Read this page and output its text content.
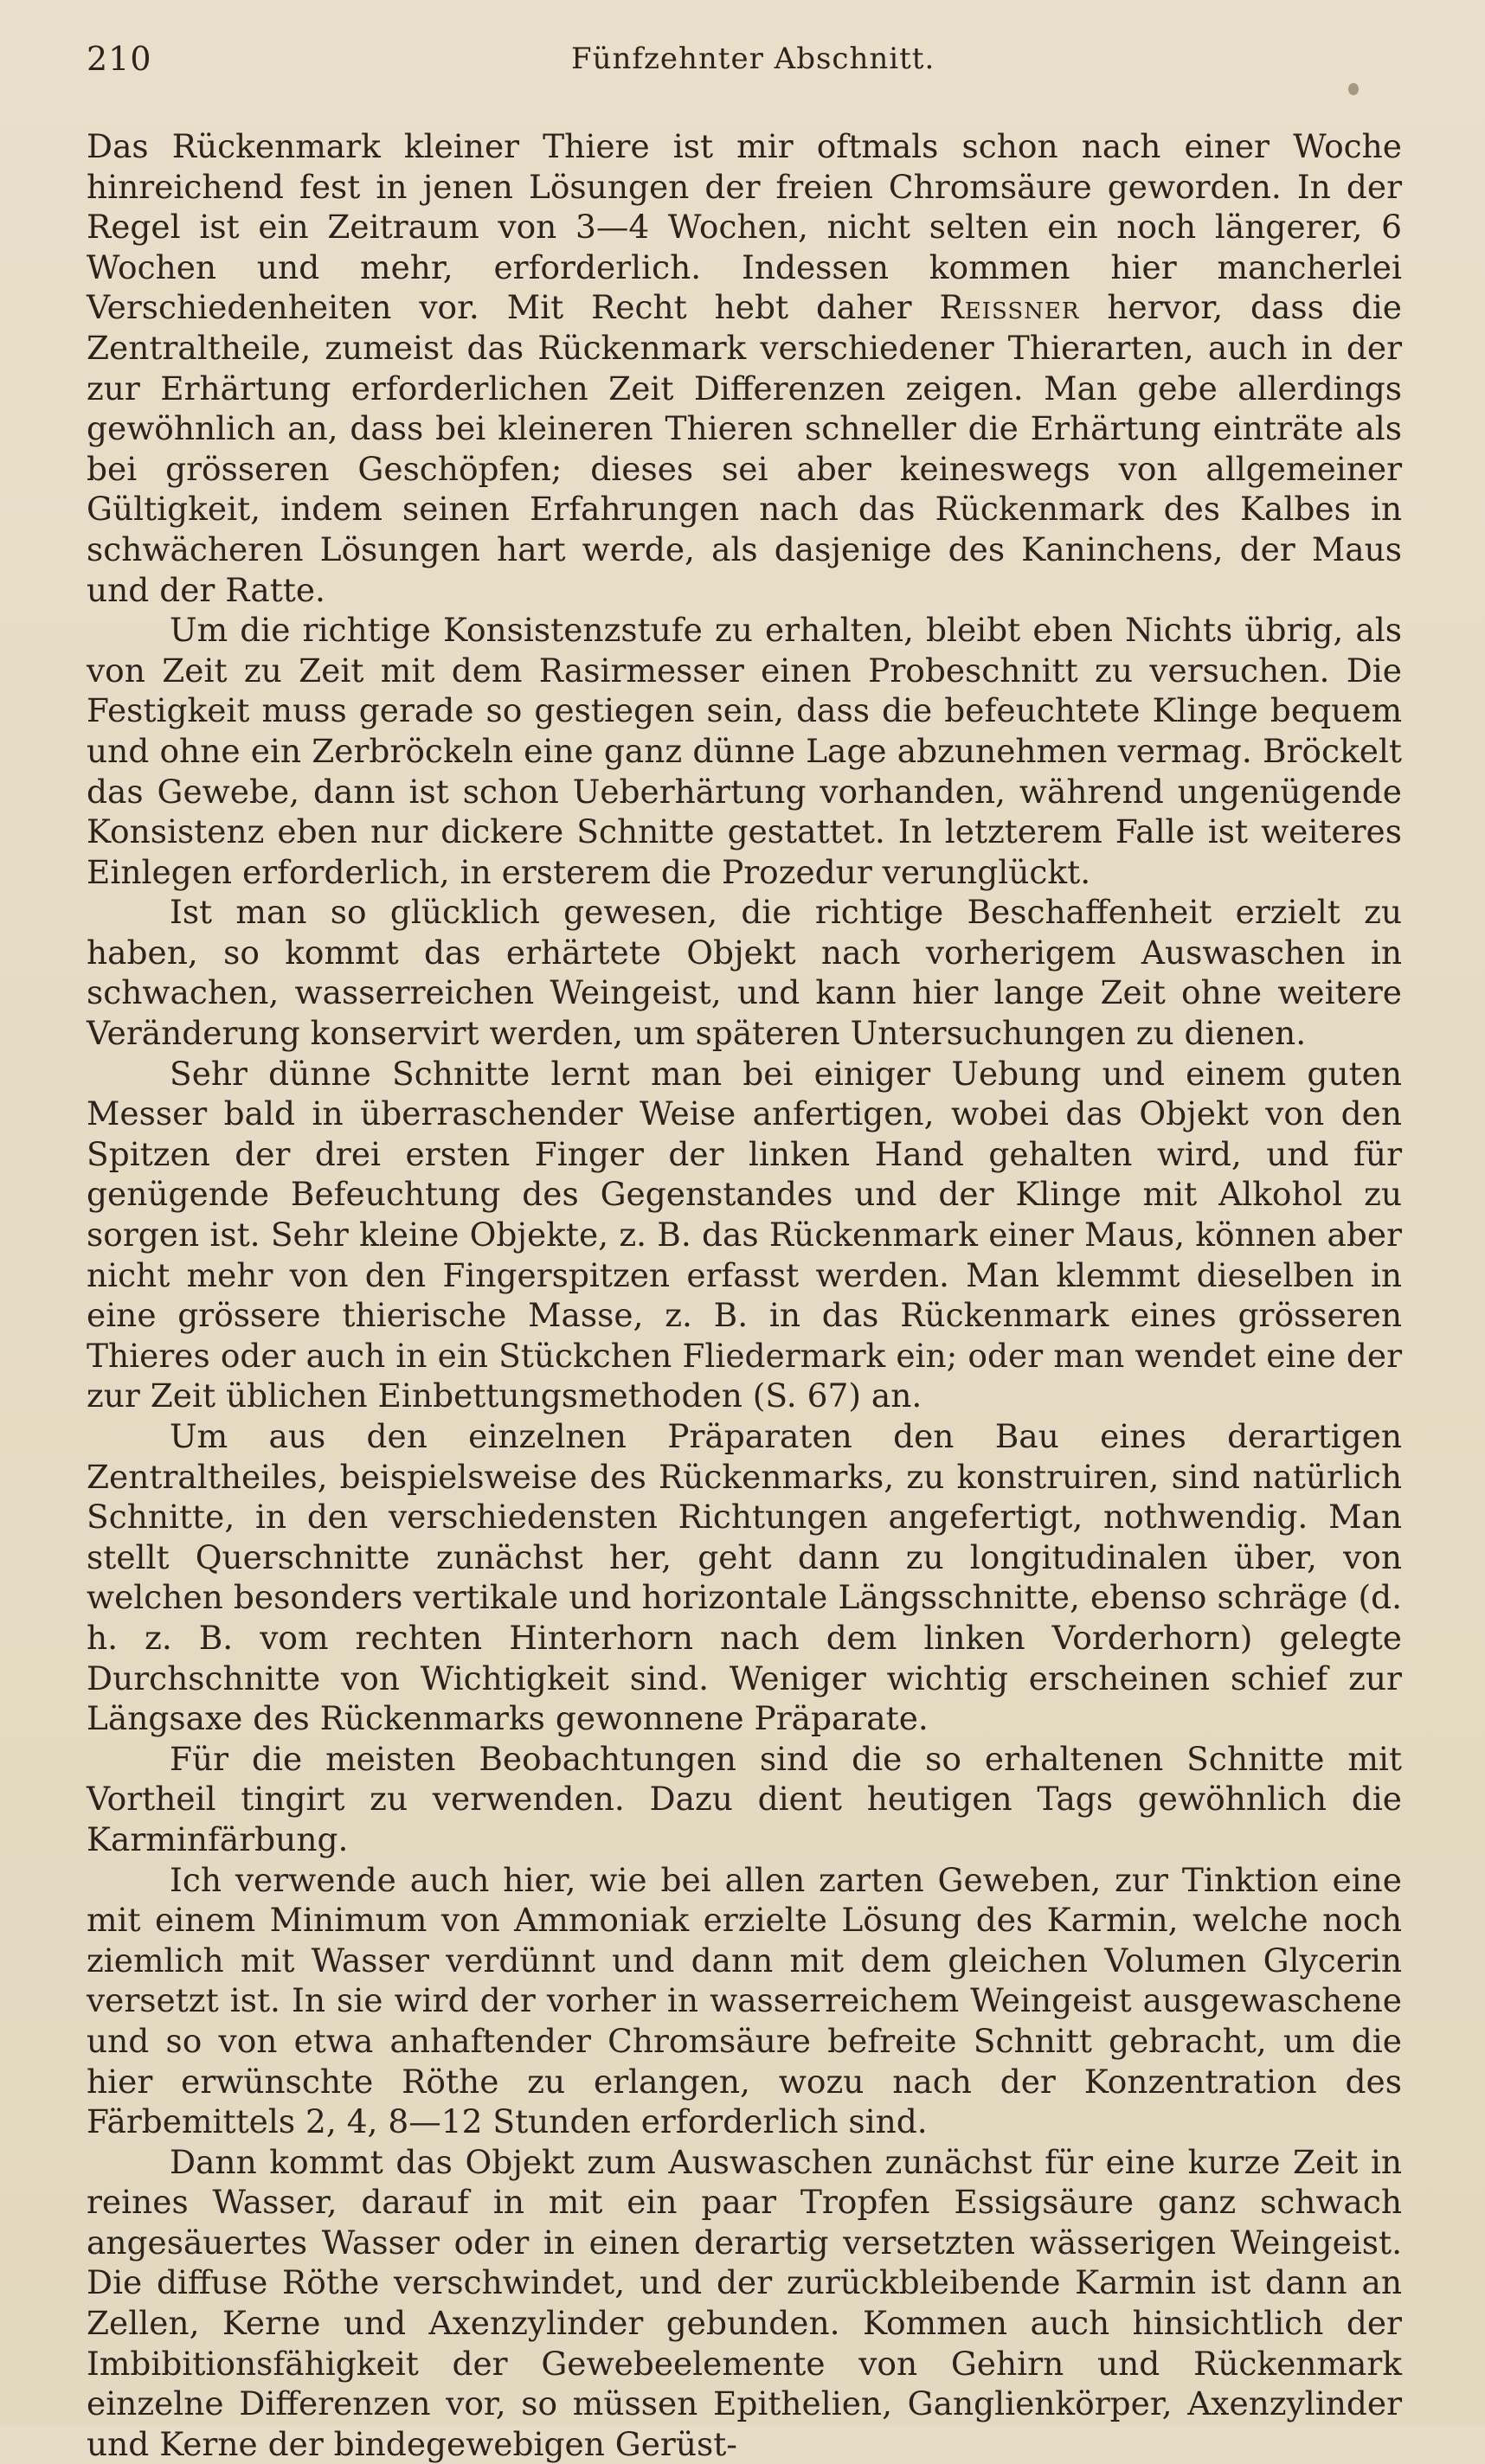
210	Fünfzehnter Abschnitt.

Das Rückenmark kleiner Thiere ist mir oftmals schon nach einer Woche hinreichend fest in jenen Lösungen der freien Chromsäure geworden. In der Regel ist ein Zeitraum von 3—4 Wochen, nicht selten ein noch längerer, 6 Wochen und mehr, erforderlich. Indessen kommen hier mancherlei Verschiedenheiten vor. Mit Recht hebt daher Reissner hervor, dass die Zentraltheile, zumeist das Rückenmark verschiedener Thierarten, auch in der zur Erhärtung erforderlichen Zeit Differenzen zeigen. Man gebe allerdings gewöhnlich an, dass bei kleineren Thieren schneller die Erhärtung einträte als bei grösseren Geschöpfen; dieses sei aber keineswegs von allgemeiner Gültigkeit, indem seinen Erfahrungen nach das Rückenmark des Kalbes in schwächeren Lösungen hart werde, als dasjenige des Kaninchens, der Maus und der Ratte.

Um die richtige Konsistenzstufe zu erhalten, bleibt eben Nichts übrig, als von Zeit zu Zeit mit dem Rasirmesser einen Probeschnitt zu versuchen. Die Festigkeit muss gerade so gestiegen sein, dass die befeuchtete Klinge bequem und ohne ein Zerbröckeln eine ganz dünne Lage abzunehmen vermag. Bröckelt das Gewebe, dann ist schon Ueberhärtung vorhanden, während ungenügende Konsistenz eben nur dickere Schnitte gestattet. In letzterem Falle ist weiteres Einlegen erforderlich, in ersterem die Prozedur verunglückt.

Ist man so glücklich gewesen, die richtige Beschaffenheit erzielt zu haben, so kommt das erhärtete Objekt nach vorherigem Auswaschen in schwachen, wasserreichen Weingeist, und kann hier lange Zeit ohne weitere Veränderung konservirt werden, um späteren Untersuchungen zu dienen.

Sehr dünne Schnitte lernt man bei einiger Uebung und einem guten Messer bald in überraschender Weise anfertigen, wobei das Objekt von den Spitzen der drei ersten Finger der linken Hand gehalten wird, und für genügende Befeuchtung des Gegenstandes und der Klinge mit Alkohol zu sorgen ist. Sehr kleine Objekte, z. B. das Rückenmark einer Maus, können aber nicht mehr von den Fingerspitzen erfasst werden. Man klemmt dieselben in eine grössere thierische Masse, z. B. in das Rückenmark eines grösseren Thieres oder auch in ein Stückchen Fliedermark ein; oder man wendet eine der zur Zeit üblichen Einbettungsmethoden (S. 67) an.

Um aus den einzelnen Präparaten den Bau eines derartigen Zentraltheiles, beispielsweise des Rückenmarks, zu konstruiren, sind natürlich Schnitte, in den verschiedensten Richtungen angefertigt, nothwendig. Man stellt Querschnitte zunächst her, geht dann zu longitudinalen über, von welchen besonders vertikale und horizontale Längsschnitte, ebenso schräge (d. h. z. B. vom rechten Hinterhorn nach dem linken Vorderhorn) gelegte Durchschnitte von Wichtigkeit sind. Weniger wichtig erscheinen schief zur Längsaxe des Rückenmarks gewonnene Präparate.

Für die meisten Beobachtungen sind die so erhaltenen Schnitte mit Vortheil tingirt zu verwenden. Dazu dient heutigen Tags gewöhnlich die Karminfärbung.

Ich verwende auch hier, wie bei allen zarten Geweben, zur Tinktion eine mit einem Minimum von Ammoniak erzielte Lösung des Karmin, welche noch ziemlich mit Wasser verdünnt und dann mit dem gleichen Volumen Glycerin versetzt ist. In sie wird der vorher in wasserreichem Weingeist ausgewaschene und so von etwa anhaftender Chromsäure befreite Schnitt gebracht, um die hier erwünschte Röthe zu erlangen, wozu nach der Konzentration des Färbemittels 2, 4, 8—12 Stunden erforderlich sind.

Dann kommt das Objekt zum Auswaschen zunächst für eine kurze Zeit in reines Wasser, darauf in mit ein paar Tropfen Essigsäure ganz schwach angesäuertes Wasser oder in einen derartig versetzten wässerigen Weingeist. Die diffuse Röthe verschwindet, und der zurückbleibende Karmin ist dann an Zellen, Kerne und Axenzylinder gebunden. Kommen auch hinsichtlich der Imbibitionsfähigkeit der Gewebeelemente von Gehirn und Rückenmark einzelne Differenzen vor, so müssen Epithelien, Ganglienkörper, Axenzylinder und Kerne der bindegewebigen Gerüst-
